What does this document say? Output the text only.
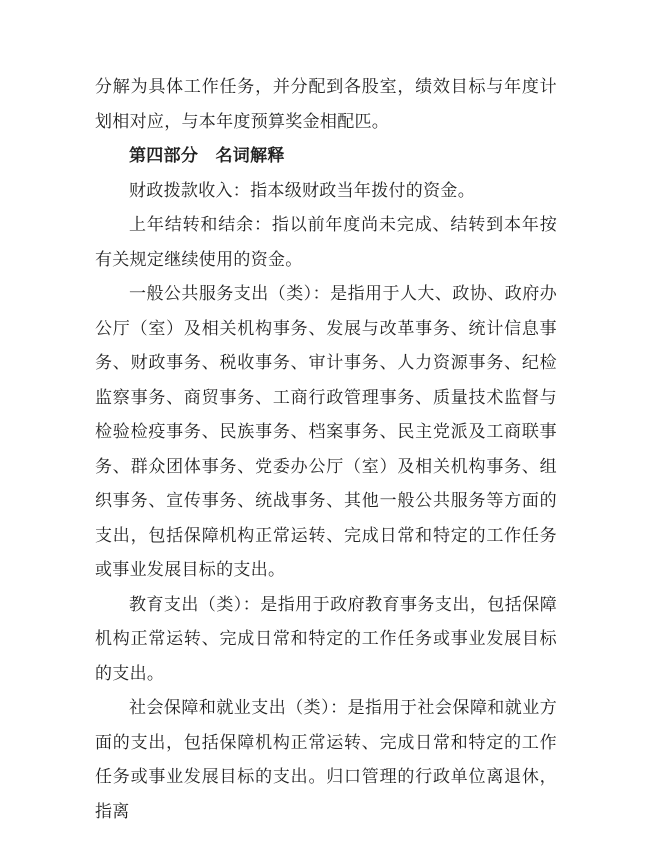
分解为具体工作任务，并分配到各股室，绩效目标与年度计划相对应，与本年度预算奖金相配匹。

第四部分　名词解释

财政拨款收入：指本级财政当年拨付的资金。

上年结转和结余：指以前年度尚未完成、结转到本年按有关规定继续使用的资金。

一般公共服务支出（类）：是指用于人大、政协、政府办公厅（室）及相关机构事务、发展与改革事务、统计信息事务、财政事务、税收事务、审计事务、人力资源事务、纪检监察事务、商贸事务、工商行政管理事务、质量技术监督与检验检疫事务、民族事务、档案事务、民主党派及工商联事务、群众团体事务、党委办公厅（室）及相关机构事务、组织事务、宣传事务、统战事务、其他一般公共服务等方面的支出，包括保障机构正常运转、完成日常和特定的工作任务或事业发展目标的支出。

教育支出（类）：是指用于政府教育事务支出，包括保障机构正常运转、完成日常和特定的工作任务或事业发展目标的支出。

社会保障和就业支出（类）：是指用于社会保障和就业方面的支出，包括保障机构正常运转、完成日常和特定的工作任务或事业发展目标的支出。归口管理的行政单位离退休，指离
